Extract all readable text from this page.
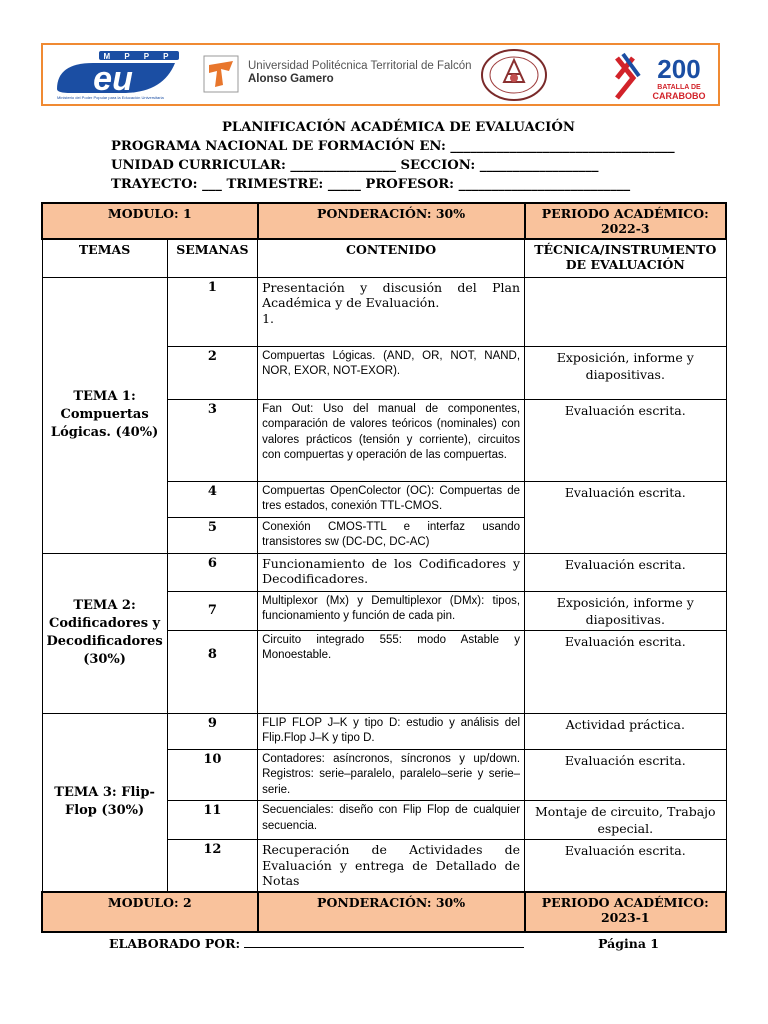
M P P P
eu
Ministerio del Poder Popular para la Educación Universitaria
Universidad Politécnica Territorial de Falcón
Alonso Gamero	200
BATALLA DE
CARABOBO
PLANIFICACIÓN ACADÉMICA DE EVALUACIÓN
PROGRAMA NACIONAL DE FORMACIÓN EN: __________________________________
UNIDAD CURRICULAR: ________________ SECCION: __________________
TRAYECTO: ___ TRIMESTRE: _____ PROFESOR: __________________________
MODULO: 1		PONDERACIÓN: 30%	PERIODO ACADÉMICO: 2022-3
TEMAS	SEMANAS	CONTENIDO	TÉCNICA/INSTRUMENTO DE EVALUACIÓN
TEMA 1: Compuertas Lógicas. (40%)	1	Presentación y discusión del Plan Académica y de Evaluación.
1.	
	2	Compuertas Lógicas. (AND, OR, NOT, NAND, NOR, EXOR, NOT-EXOR).	Exposición, informe y diapositivas.
	3	Fan Out: Uso del manual de componentes, comparación de valores teóricos (nominales) con valores prácticos (tensión y corriente), circuitos con compuertas y operación de las compuertas.	Evaluación escrita.
	4	Compuertas OpenColector (OC): Compuertas de tres estados, conexión TTL-CMOS.	Evaluación escrita.
	5	Conexión CMOS-TTL e interfaz usando transistores sw (DC-DC, DC-AC)	
TEMA 2: Codificadores y Decodificadores (30%)	6	Funcionamiento de los Codificadores y Decodificadores.	Evaluación escrita.
	7	Multiplexor (Mx) y Demultiplexor (DMx): tipos, funcionamiento y función de cada pin.	Exposición, informe y diapositivas.
	8	Circuito integrado 555: modo Astable y Monoestable.	Evaluación escrita.
TEMA 3: Flip-Flop (30%)	9	FLIP FLOP J–K y tipo D: estudio y análisis del Flip.Flop J–K y tipo D.	Actividad práctica.
	10	Contadores: asíncronos, síncronos y up/down. Registros: serie–paralelo, paralelo–serie y serie–serie.	Evaluación escrita.
	11	Secuenciales: diseño con Flip Flop de cualquier secuencia.	Montaje de circuito, Trabajo especial.
	12	Recuperación de Actividades de Evaluación y entrega de Detallado de Notas	Evaluación escrita.
MODULO: 2		PONDERACIÓN: 30%	PERIODO ACADÉMICO: 2023-1
ELABORADO POR:	Página 1
